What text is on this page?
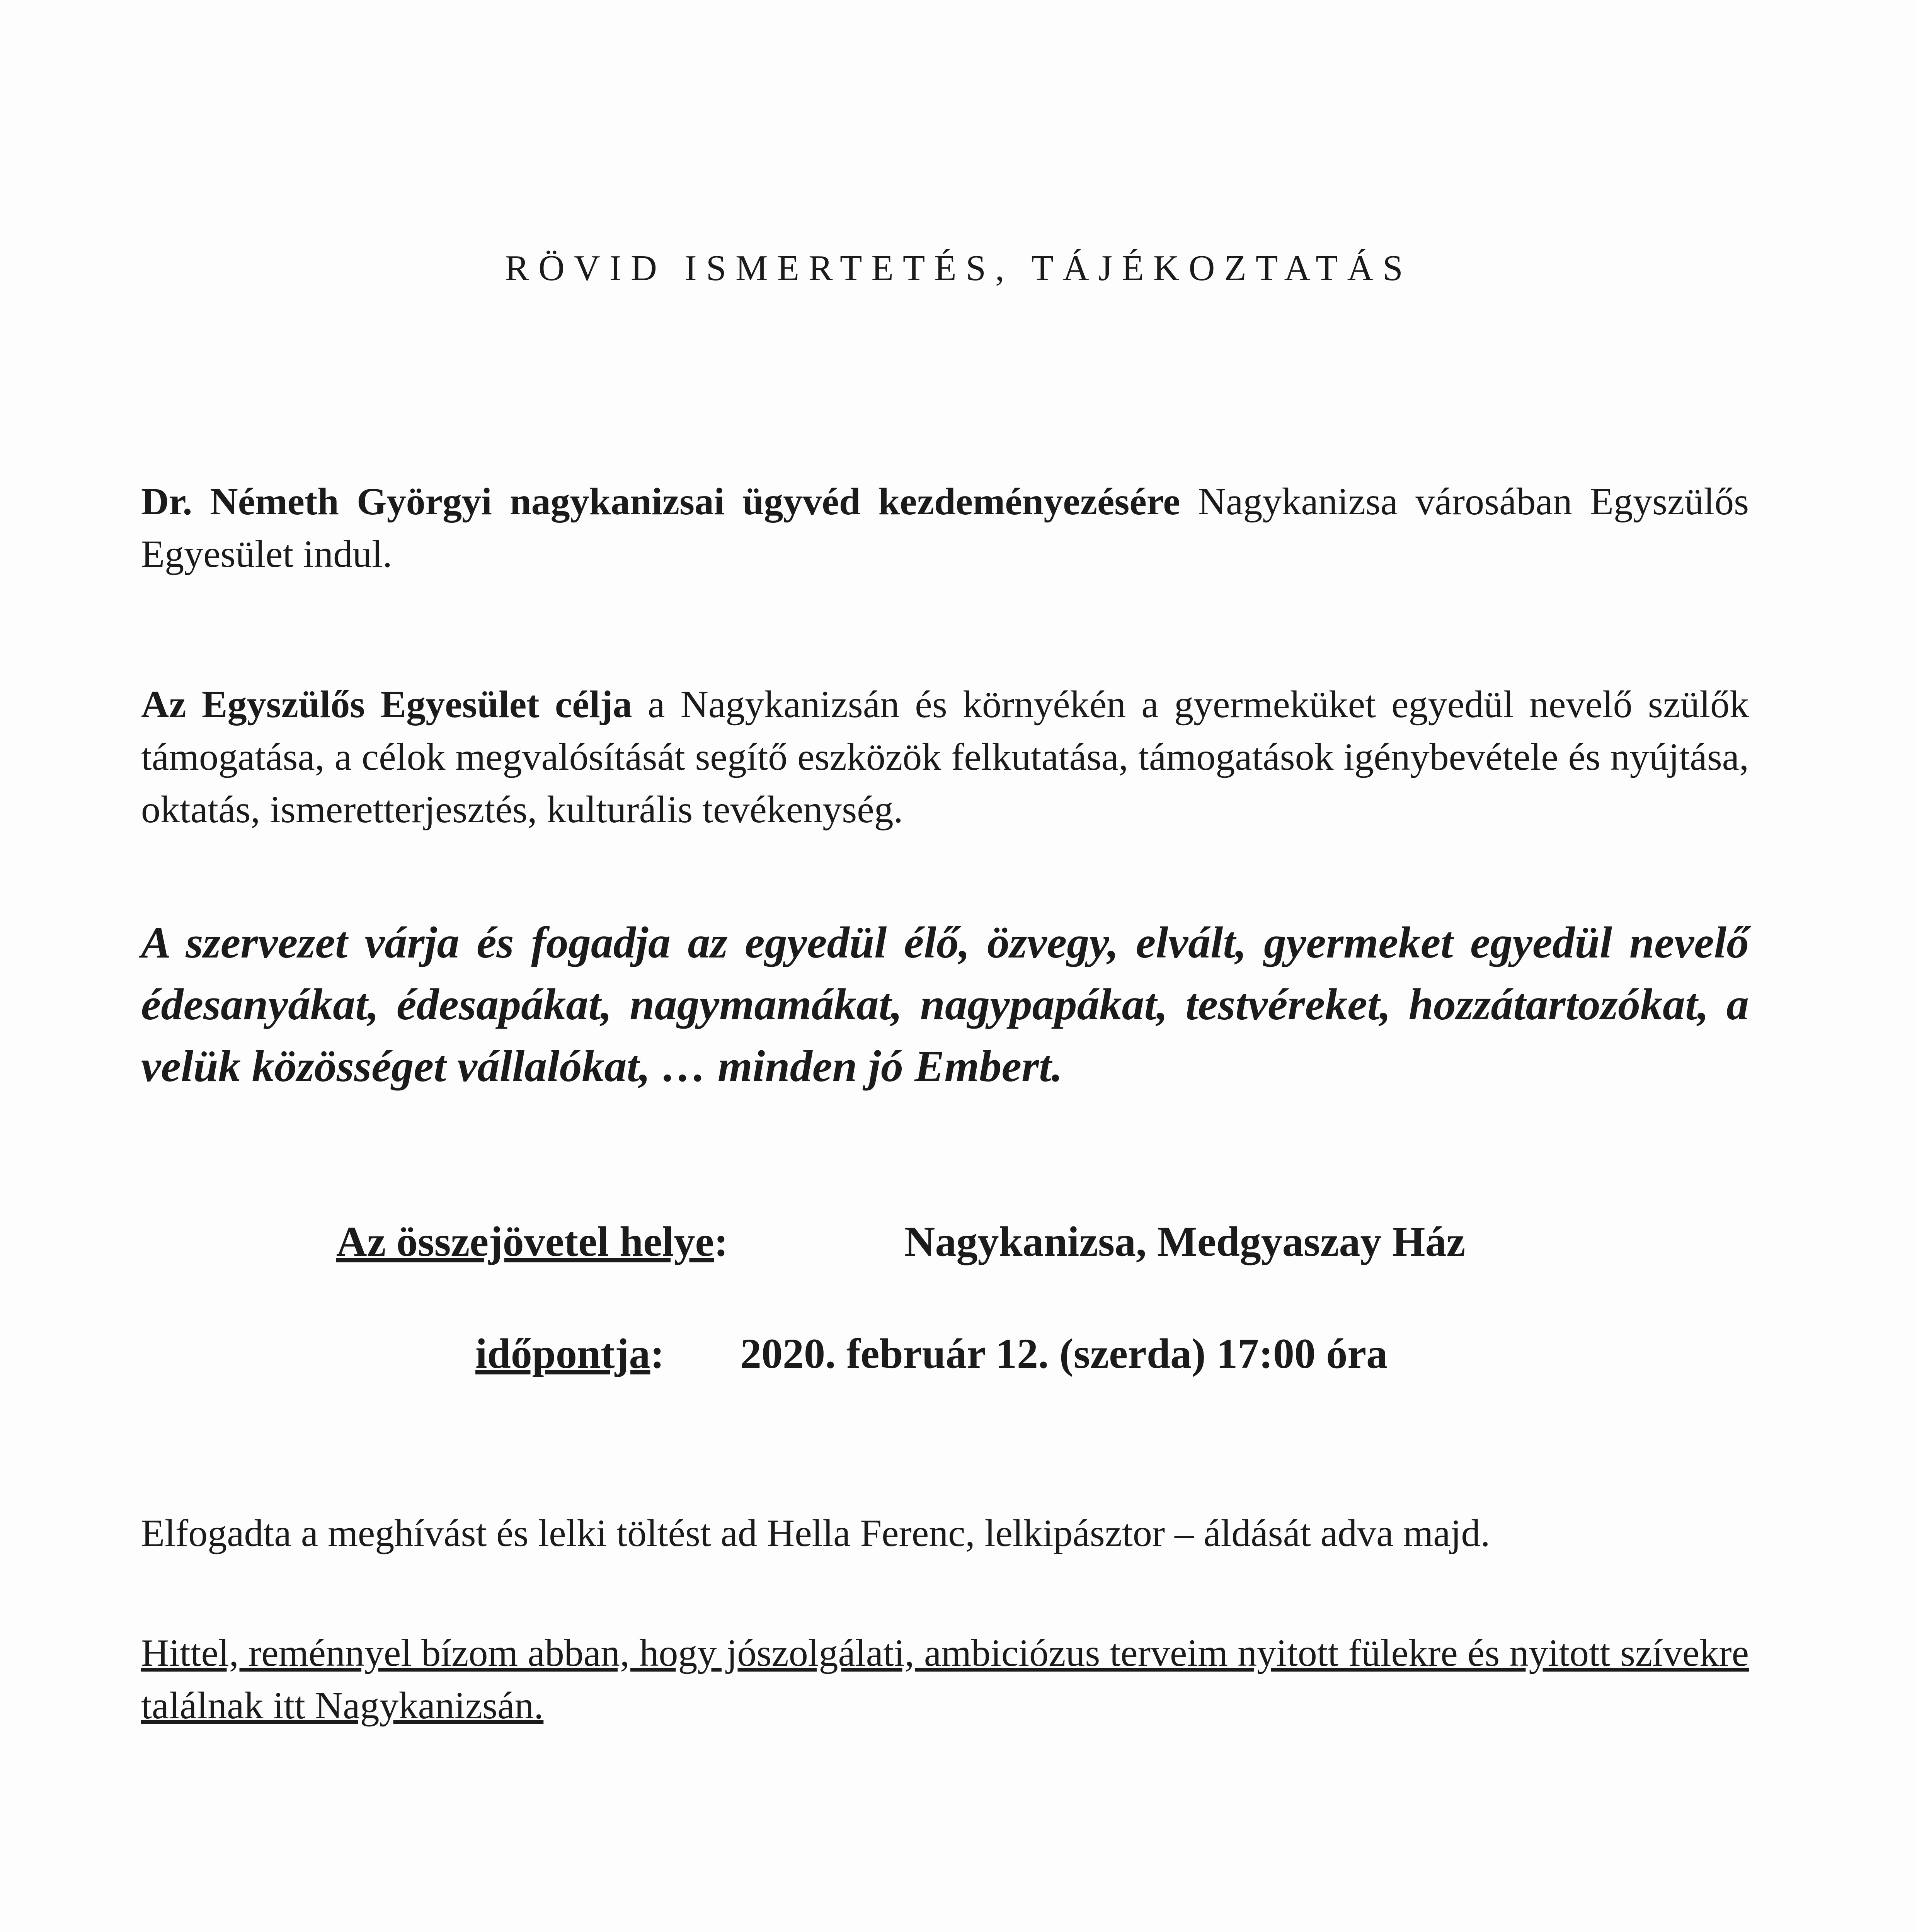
RÖVID ISMERTETÉS, TÁJÉKOZTATÁS
Dr. Németh Györgyi nagykanizsai ügyvéd kezdeményezésére Nagykanizsa városában Egyszülős Egyesület indul.
Az Egyszülős Egyesület célja a Nagykanizsán és környékén a gyermeküket egyedül nevelő szülők támogatása, a célok megvalósítását segítő eszközök felkutatása, támogatások igénybevétele és nyújtása, oktatás, ismeretterjesztés, kulturális tevékenység.
A szervezet várja és fogadja az egyedül élő, özvegy, elvált, gyermeket egyedül nevelő édesanyákat, édesapákat, nagymamákat, nagypapákat, testvéreket, hozzátartozókat, a velük közösséget vállalókat, … minden jó Embert.
Az összejövetel helye:	Nagykanizsa, Medgyaszay Ház
időpontja: 2020. február 12. (szerda) 17:00 óra
Elfogadta a meghívást és lelki töltést ad Hella Ferenc, lelkipásztor – áldását adva majd.
Hittel, reménnyel bízom abban, hogy jószolgálati, ambiciózus terveim nyitott fülekre és nyitott szívekre találnak itt Nagykanizsán.
